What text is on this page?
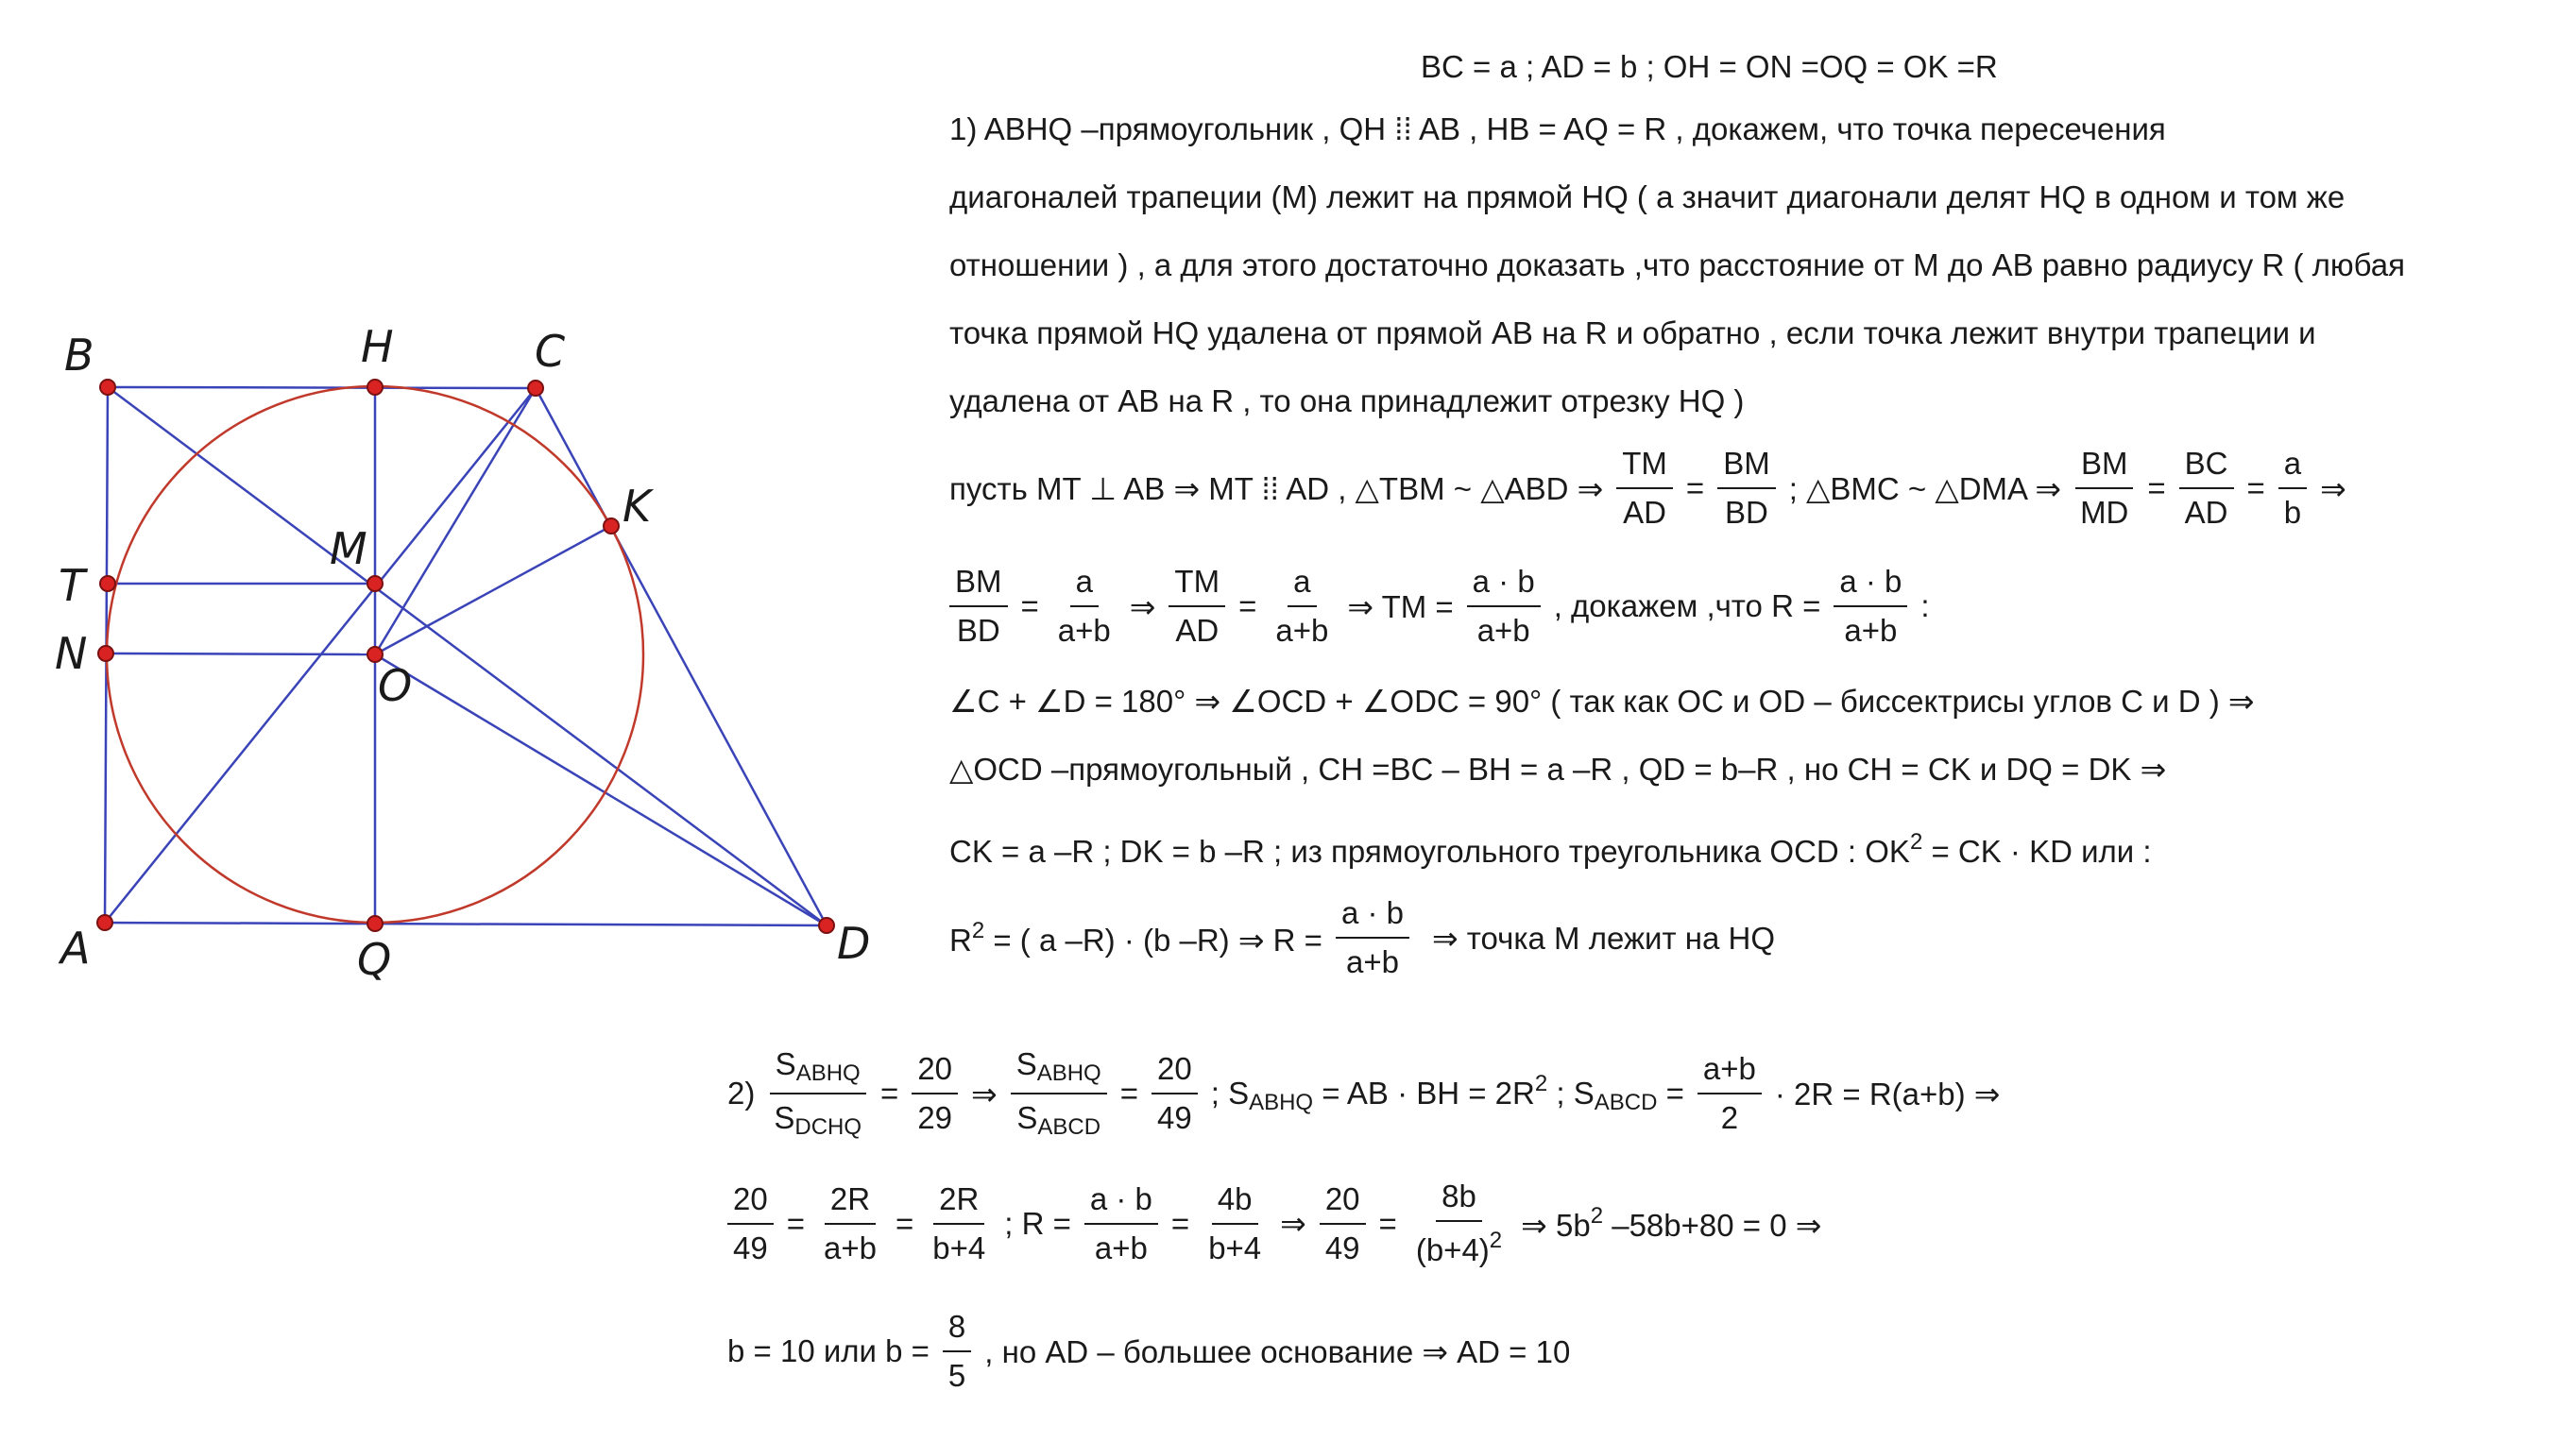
B	H	C
K
M
T
N
O
A	Q	D
BC = a ; AD = b ; OH = ON =OQ = OK =R
1) ABHQ –прямоугольник , QH ⁞⁞ AB , HB = AQ = R , докажем, что точка пересечения
диагоналей трапеции (M) лежит на прямой HQ ( а значит диагонали делят HQ в одном и том же
отношении ) , а для этого достаточно доказать ,что расстояние от M до AB равно радиусу R ( любая
точка прямой HQ удалена от прямой AB на R и обратно , если точка лежит внутри трапеции и
удалена от AB на R , то она принадлежит отрезку HQ )
пусть MT ⊥ AB ⇒ MT ⁞⁞ AD , △TBM ~ △ABD ⇒ $\frac{TM}{AD} = \frac{BM}{BD}$ ; △BMC ~ △DMA ⇒ $\frac{BM}{MD} = \frac{BC}{AD} = \frac{a}{b}$ ⇒
$\frac{BM}{BD} = \frac{a}{a+b}$ ⇒ $\frac{TM}{AD} = \frac{a}{a+b}$ ⇒ TM = $\frac{a \cdot b}{a+b}$ , докажем ,что $R = \frac{a \cdot b}{a+b}$ :
∠C + ∠D = 180° ⇒ ∠OCD + ∠ODC = 90° ( так как OC и OD – биссектрисы углов C и D ) ⇒
△OCD –прямоугольный , CH =BC – BH = a –R , QD = b–R , но CH = CK и DQ = DK ⇒
CK = a –R ; DK = b –R ; из прямоугольного треугольника OCD : $OK^2$ = CK · KD или :
$R^2$ = ( a –R) · (b –R) ⇒ $R = \frac{a \cdot b}{a+b}$ ⇒ точка M лежит на HQ
$2) \frac{S_{ABHQ}}{S_{DCHQ}} = \frac{20}{29}$ ⇒ $\frac{S_{ABHQ}}{S_{ABCD}} = \frac{20}{49}$ ; $S_{ABHQ}$ = AB · BH = $2R^2$ ; $S_{ABCD} = \frac{a+b}{2} \cdot 2R = R(a+b)$ ⇒
$\frac{20}{49} = \frac{2R}{a+b} = \frac{2R}{b+4}$ ; $R = \frac{a \cdot b}{a+b} = \frac{4b}{b+4}$ ⇒ $\frac{20}{49} = \frac{8b}{(b+4)^2}$ ⇒ $5b^2$ –58b+80 = 0 ⇒
b = 10 или $b = \frac{8}{5}$ , но AD – большее основание ⇒ AD = 10
